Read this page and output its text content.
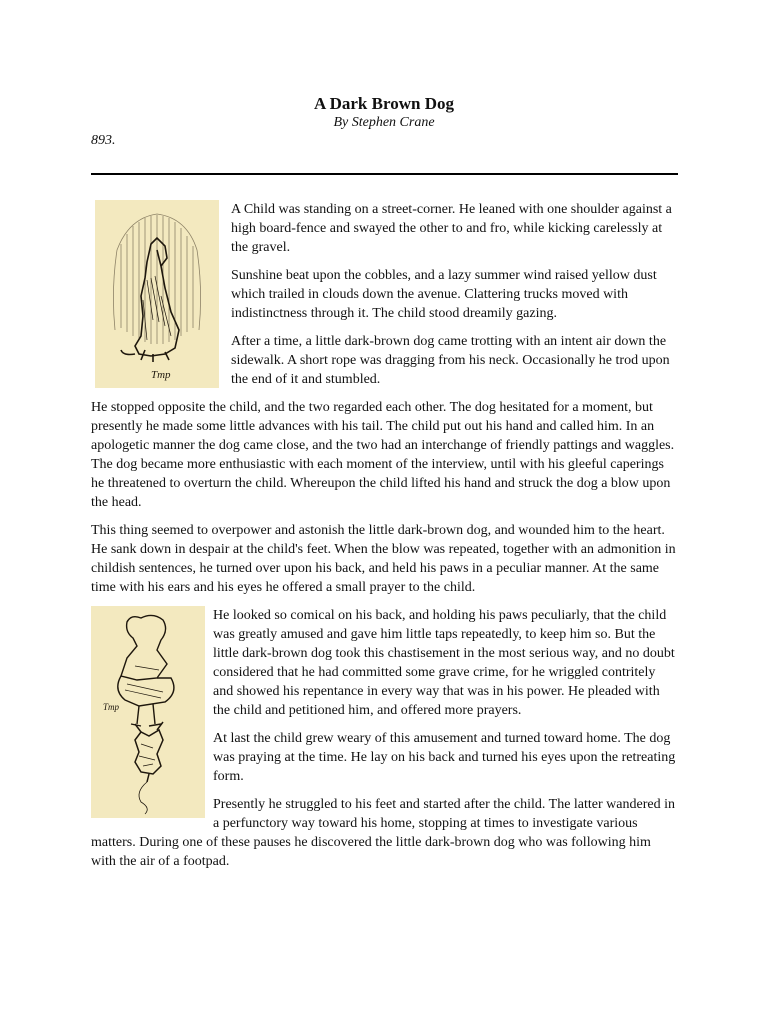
A Dark Brown Dog
By Stephen Crane
893.
Tmp

A Child was standing on a street-corner. He leaned with one shoulder against a high board-fence and swayed the other to and fro, while kicking carelessly at the gravel.

Sunshine beat upon the cobbles, and a lazy summer wind raised yellow dust which trailed in clouds down the avenue. Clattering trucks moved with indistinctness through it. The child stood dreamily gazing.

After a time, a little dark-brown dog came trotting with an intent air down the sidewalk. A short rope was dragging from his neck. Occasionally he trod upon the end of it and stumbled.

He stopped opposite the child, and the two regarded each other. The dog hesitated for a moment, but presently he made some little advances with his tail. The child put out his hand and called him. In an apologetic manner the dog came close, and the two had an interchange of friendly pattings and waggles. The dog became more enthusiastic with each moment of the interview, until with his gleeful caperings he threatened to overturn the child. Whereupon the child lifted his hand and struck the dog a blow upon the head.

This thing seemed to overpower and astonish the little dark-brown dog, and wounded him to the heart. He sank down in despair at the child's feet. When the blow was repeated, together with an admonition in childish sentences, he turned over upon his back, and held his paws in a peculiar manner. At the same time with his ears and his eyes he offered a small prayer to the child.

Tmp

He looked so comical on his back, and holding his paws peculiarly, that the child was greatly amused and gave him little taps repeatedly, to keep him so. But the little dark-brown dog took this chastisement in the most serious way, and no doubt considered that he had committed some grave crime, for he wriggled contritely and showed his repentance in every way that was in his power. He pleaded with the child and petitioned him, and offered more prayers.

At last the child grew weary of this amusement and turned toward home. The dog was praying at the time. He lay on his back and turned his eyes upon the retreating form.

Presently he struggled to his feet and started after the child. The latter wandered in a perfunctory way toward his home, stopping at times to investigate various matters. During one of these pauses he discovered the little dark-brown dog who was following him with the air of a footpad.
